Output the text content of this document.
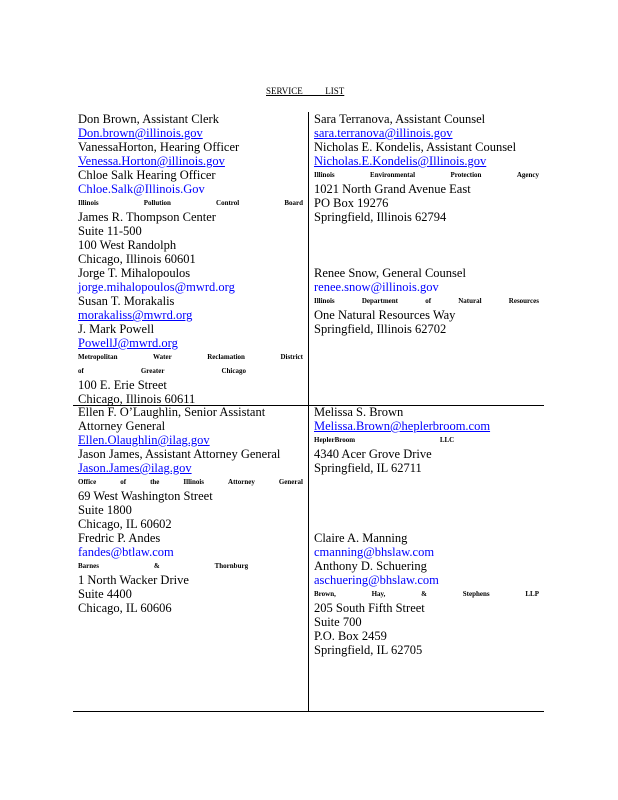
SERVICE          LIST
Don Brown, Assistant Clerk
Don.brown@illinois.gov
VanessaHorton, Hearing Officer
Venessa.Horton@illinois.gov
Chloe Salk Hearing Officer
Chloe.Salk@Illinois.Gov
Illinois	Pollution	Control	Board
James R. Thompson Center
Suite 11-500
100 West Randolph
Chicago, Illinois 60601
Jorge T. Mihalopoulos
jorge.mihalopoulos@mwrd.org
Susan T. Morakalis
morakaliss@mwrd.org
J. Mark Powell
PowellJ@mwrd.org
Metropolitan	Water	Reclamation	District
of	Greater	Chicago
100 E. Erie Street
Chicago, Illinois 60611
Sara Terranova, Assistant Counsel
sara.terranova@illinois.gov
Nicholas E. Kondelis, Assistant Counsel
Nicholas.E.Kondelis@Illinois.gov
Illinois	Environmental	Protection	Agency
1021 North Grand Avenue East
PO Box 19276
Springfield, Illinois 62794
Renee Snow, General Counsel
renee.snow@illinois.gov
Illinois	Department	of	Natural	Resources
One Natural Resources Way
Springfield, Illinois 62702
Ellen F. O’Laughlin, Senior Assistant
Attorney General
Ellen.Olaughlin@ilag.gov
Jason James, Assistant Attorney General
Jason.James@ilag.gov
Office	of	the	Illinois	Attorney	General
69 West Washington Street
Suite 1800
Chicago, IL 60602
Fredric P. Andes
fandes@btlaw.com
Barnes	&	Thornburg
1 North Wacker Drive
Suite 4400
Chicago, IL 60606
Melissa S. Brown
Melissa.Brown@heplerbroom.com
HeplerBroom	LLC
4340 Acer Grove Drive
Springfield, IL 62711
Claire A. Manning
cmanning@bhslaw.com
Anthony D. Schuering
aschuering@bhslaw.com
Brown,	Hay,	&	Stephens	LLP
205 South Fifth Street
Suite 700
P.O. Box 2459
Springfield, IL 62705
